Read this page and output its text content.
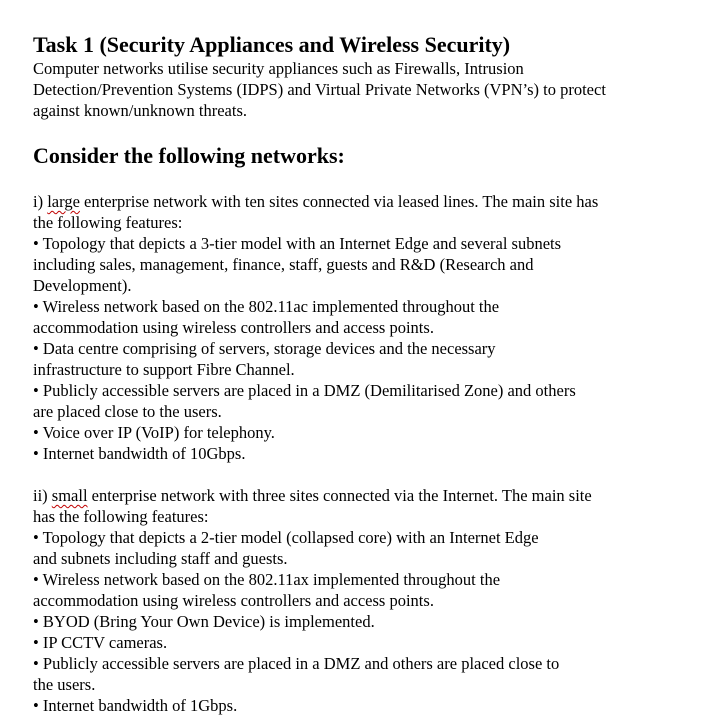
Task 1 (Security Appliances and Wireless Security)

Computer networks utilise security appliances such as Firewalls, Intrusion
Detection/Prevention Systems (IDPS) and Virtual Private Networks (VPN’s) to protect
against known/unknown threats.

Consider the following networks:
i) large enterprise network with ten sites connected via leased lines. The main site has
the following features:
• Topology that depicts a 3-tier model with an Internet Edge and several subnets
including sales, management, finance, staff, guests and R&D (Research and
Development).
• Wireless network based on the 802.11ac implemented throughout the
accommodation using wireless controllers and access points.
• Data centre comprising of servers, storage devices and the necessary
infrastructure to support Fibre Channel.
• Publicly accessible servers are placed in a DMZ (Demilitarised Zone) and others
are placed close to the users.
• Voice over IP (VoIP) for telephony.
• Internet bandwidth of 10Gbps.
ii) small enterprise network with three sites connected via the Internet. The main site
has the following features:
• Topology that depicts a 2-tier model (collapsed core) with an Internet Edge
and subnets including staff and guests.
• Wireless network based on the 802.11ax implemented throughout the
accommodation using wireless controllers and access points.
• BYOD (Bring Your Own Device) is implemented.
• IP CCTV cameras.
• Publicly accessible servers are placed in a DMZ and others are placed close to
the users.
• Internet bandwidth of 1Gbps.
